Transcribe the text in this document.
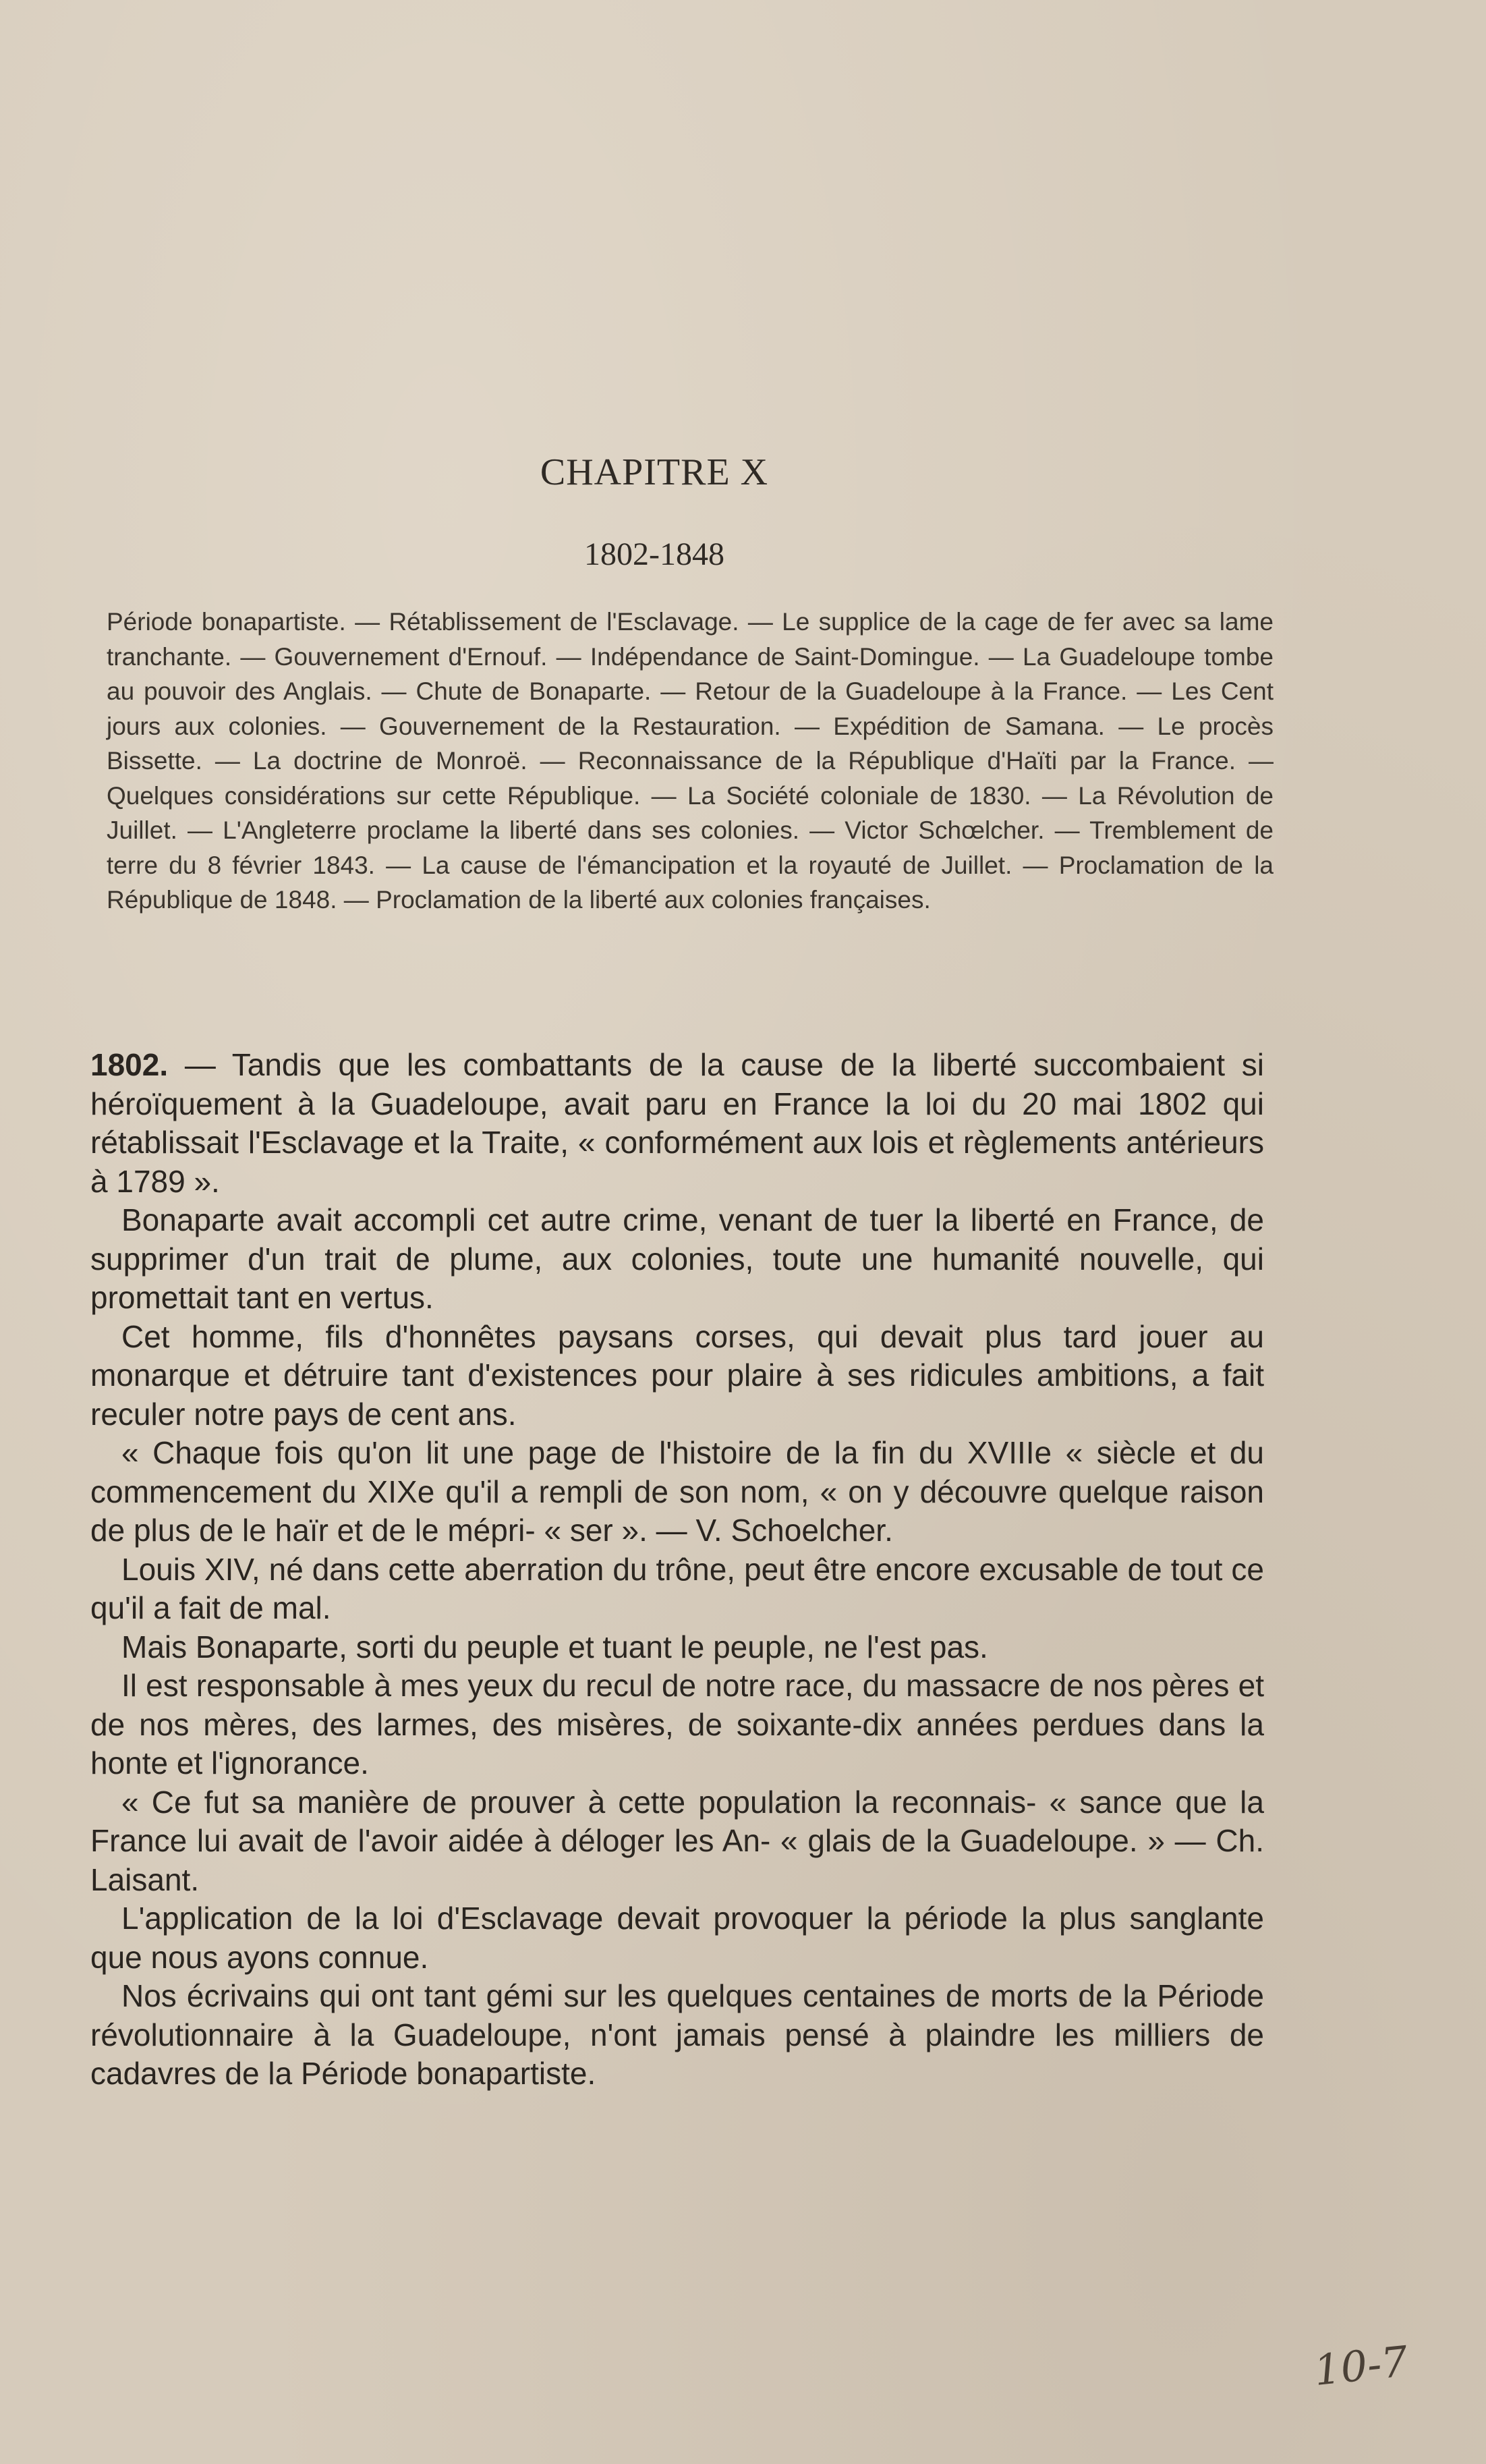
CHAPITRE X
1802-1848

Période bonapartiste. — Rétablissement de l'Esclavage. — Le supplice de la cage de fer avec sa lame tranchante. — Gouvernement d'Ernouf. — Indépendance de Saint-Domingue. — La Guadeloupe tombe au pouvoir des Anglais. — Chute de Bonaparte. — Retour de la Guadeloupe à la France. — Les Cent jours aux colonies. — Gouvernement de la Restauration. — Expédition de Samana. — Le procès Bissette. — La doctrine de Monroë. — Reconnaissance de la République d'Haïti par la France. — Quelques considérations sur cette République. — La Société coloniale de 1830. — La Révolution de Juillet. — L'Angleterre proclame la liberté dans ses colonies. — Victor Schœlcher. — Tremblement de terre du 8 février 1843. — La cause de l'émancipation et la royauté de Juillet. — Proclamation de la République de 1848. — Proclamation de la liberté aux colonies françaises.

1802. — Tandis que les combattants de la cause de la liberté succombaient si héroïquement à la Guadeloupe, avait paru en France la loi du 20 mai 1802 qui rétablissait l'Esclavage et la Traite, « conformément aux lois et règlements antérieurs à 1789 ».

Bonaparte avait accompli cet autre crime, venant de tuer la liberté en France, de supprimer d'un trait de plume, aux colonies, toute une humanité nouvelle, qui promettait tant en vertus.

Cet homme, fils d'honnêtes paysans corses, qui devait plus tard jouer au monarque et détruire tant d'existences pour plaire à ses ridicules ambitions, a fait reculer notre pays de cent ans.

« Chaque fois qu'on lit une page de l'histoire de la fin du XVIIIe « siècle et du commencement du XIXe qu'il a rempli de son nom, « on y découvre quelque raison de plus de le haïr et de le mépri- « ser ». — V. Schoelcher.

Louis XIV, né dans cette aberration du trône, peut être encore excusable de tout ce qu'il a fait de mal.

Mais Bonaparte, sorti du peuple et tuant le peuple, ne l'est pas.

Il est responsable à mes yeux du recul de notre race, du massacre de nos pères et de nos mères, des larmes, des misères, de soixante-dix années perdues dans la honte et l'ignorance.

« Ce fut sa manière de prouver à cette population la reconnais- « sance que la France lui avait de l'avoir aidée à déloger les An- « glais de la Guadeloupe. » — Ch. Laisant.

L'application de la loi d'Esclavage devait provoquer la période la plus sanglante que nous ayons connue.

Nos écrivains qui ont tant gémi sur les quelques centaines de morts de la Période révolutionnaire à la Guadeloupe, n'ont jamais pensé à plaindre les milliers de cadavres de la Période bonapartiste.

10-7
